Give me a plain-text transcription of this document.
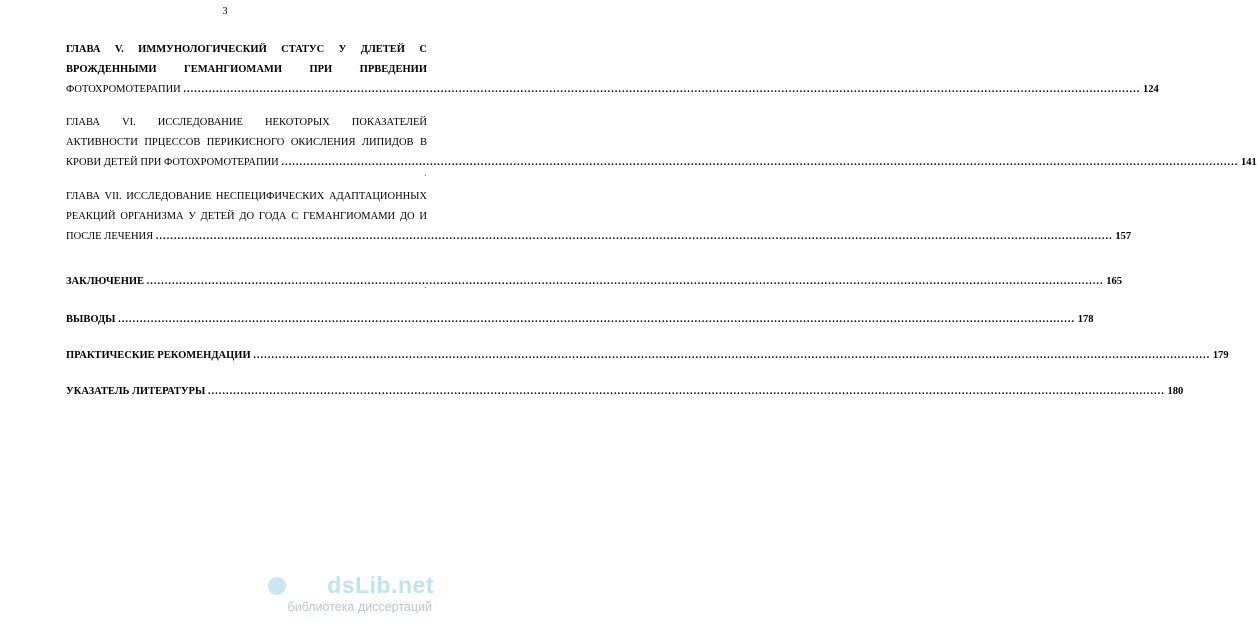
3
ГЛАВА V. ИММУНОЛОГИЧЕСКИЙ СТАТУС У ДЛЕТЕЙ С
ВРОЖДЕННЫМИ ГЕМАНГИОМАМИ ПРИ ПРВЕДЕНИИ
ФОТОХРОМОТЕРАПИИ .....	124
ГЛАВА VI. ИССЛЕДОВАНИЕ НЕКОТОРЫХ ПОКАЗАТЕЛЕЙ
АКТИВНОСТИ ПРЦЕССОВ ПЕРИКИСНОГО ОКИСЛЕНИЯ ЛИПИДОВ В
КРОВИ ДЕТЕЙ ПРИ ФОТОХРОМОТЕРАПИИ .....	141
·
ГЛАВА VII. ИССЛЕДОВАНИЕ НЕСПЕЦИФИЧЕСКИХ АДАПТАЦИОННЫХ
РЕАКЦИЙ ОРГАНИЗМА У ДЕТЕЙ ДО ГОДА С ГЕМАНГИОМАМИ ДО И
ПОСЛЕ ЛЕЧЕНИЯ .....	157
ЗАКЛЮЧЕНИЕ .....	165
·
ВЫВОДЫ .....	178
ПРАКТИЧЕСКИЕ РЕКОМЕНДАЦИИ .....	179
УКАЗАТЕЛЬ ЛИТЕРАТУРЫ .....	180
dsLib.net
библиотека диссертаций
